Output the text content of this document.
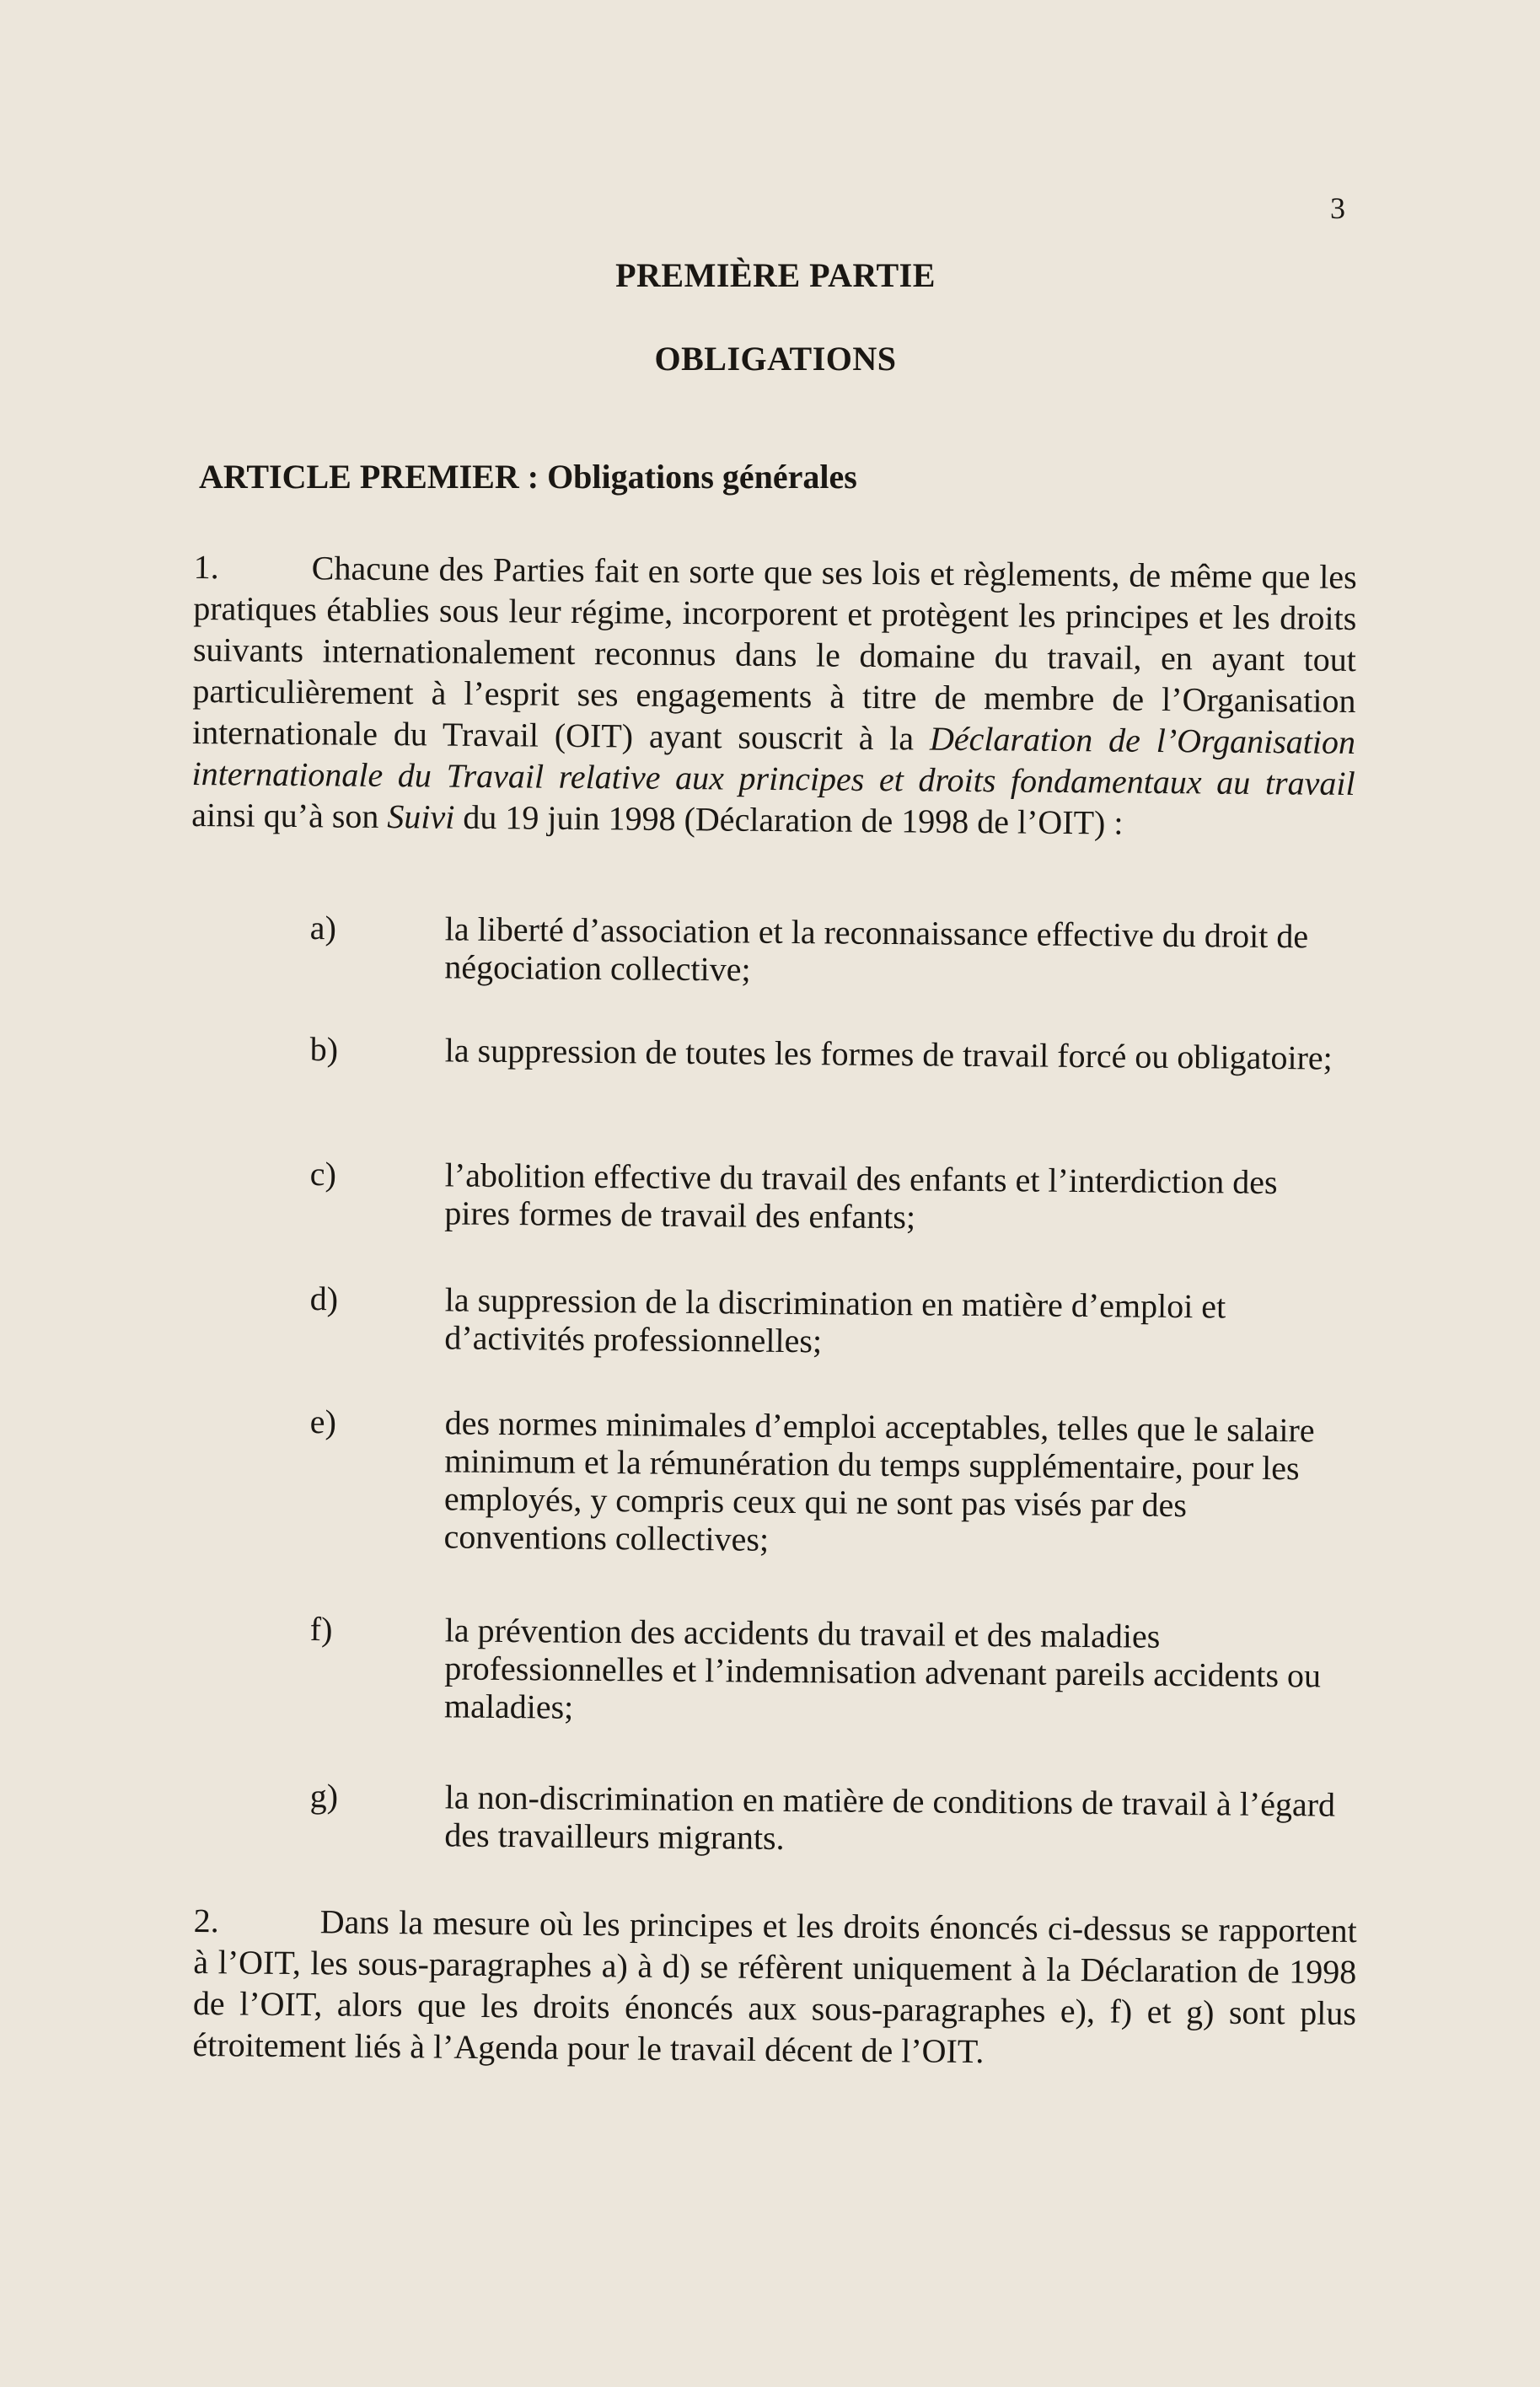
3
PREMIÈRE PARTIE
OBLIGATIONS
ARTICLE PREMIER : Obligations générales
1.	Chacune des Parties fait en sorte que ses lois et règlements, de même que les pratiques établies sous leur régime, incorporent et protègent les principes et les droits suivants internationalement reconnus dans le domaine du travail, en ayant tout particulièrement à l’esprit ses engagements à titre de membre de l’Organisation internationale du Travail (OIT) ayant souscrit à la Déclaration de l’Organisation internationale du Travail relative aux principes et droits fondamentaux au travail ainsi qu’à son Suivi du 19 juin 1998 (Déclaration de 1998 de l’OIT) :
a)	la liberté d’association et la reconnaissance effective du droit de négociation collective;
b)	la suppression de toutes les formes de travail forcé ou obligatoire;
c)	l’abolition effective du travail des enfants et l’interdiction des pires formes de travail des enfants;
d)	la suppression de la discrimination en matière d’emploi et d’activités professionnelles;
e)	des normes minimales d’emploi acceptables, telles que le salaire minimum et la rémunération du temps supplémentaire, pour les employés, y compris ceux qui ne sont pas visés par des conventions collectives;
f)	la prévention des accidents du travail et des maladies professionnelles et l’indemnisation advenant pareils accidents ou maladies;
g)	la non-discrimination en matière de conditions de travail à l’égard des travailleurs migrants.
2.	Dans la mesure où les principes et les droits énoncés ci-dessus se rapportent à l’OIT, les sous-paragraphes a) à d) se réfèrent uniquement à la Déclaration de 1998 de l’OIT, alors que les droits énoncés aux sous-paragraphes e), f) et g) sont plus étroitement liés à l’Agenda pour le travail décent de l’OIT.
